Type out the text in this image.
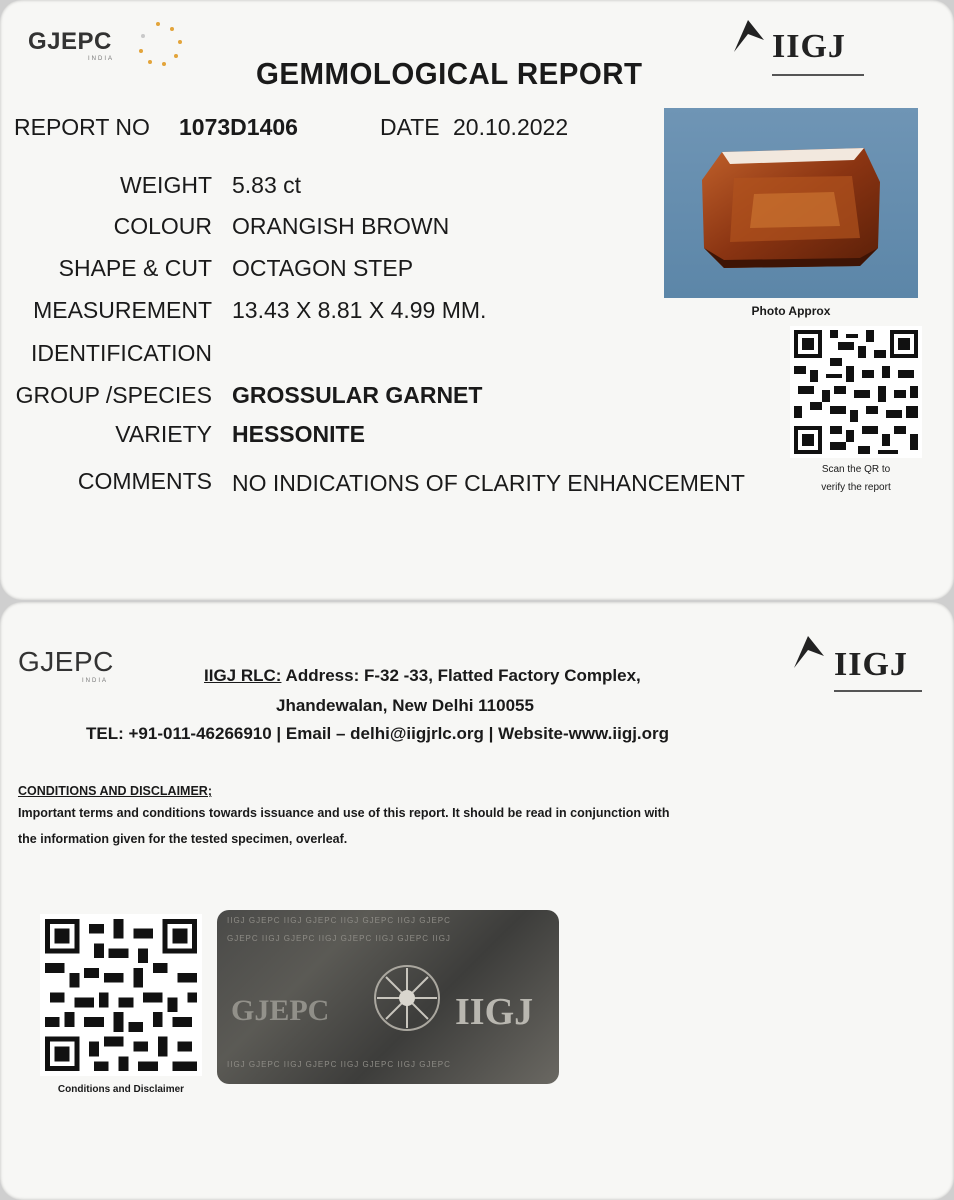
GJEPC
INDIA	IIGJ
GEMMOLOGICAL REPORT
REPORT NO 1073D1406	DATE 20.10.2022
WEIGHT 5.83 ct
COLOUR ORANGISH BROWN
SHAPE & CUT OCTAGON STEP
MEASUREMENT 13.43 X 8.81 X 4.99 MM.
IDENTIFICATION
GROUP /SPECIES GROSSULAR GARNET
VARIETY HESSONITE
COMMENTS NO INDICATIONS OF CLARITY ENHANCEMENT
Photo Approx
Scan the QR to
verify the report
GJEPC
INDIA	IIGJ
IIGJ RLC: Address: F-32 -33, Flatted Factory Complex,
Jhandewalan, New Delhi 110055
TEL: +91-011-46266910 | Email – delhi@iigjrlc.org | Website-www.iigj.org
CONDITIONS AND DISCLAIMER;
Important terms and conditions towards issuance and use of this report. It should be read in conjunction with
the information given for the tested specimen, overleaf.
Conditions and Disclaimer
IIGJ GJEPC IIGJ GJEPC IIGJ GJEPC IIGJ GJEPC
GJEPC IIGJ GJEPC IIGJ GJEPC IIGJ GJEPC IIGJ
IIGJ GJEPC IIGJ GJEPC IIGJ GJEPC IIGJ GJEPC
GJEPC	IIGJ
